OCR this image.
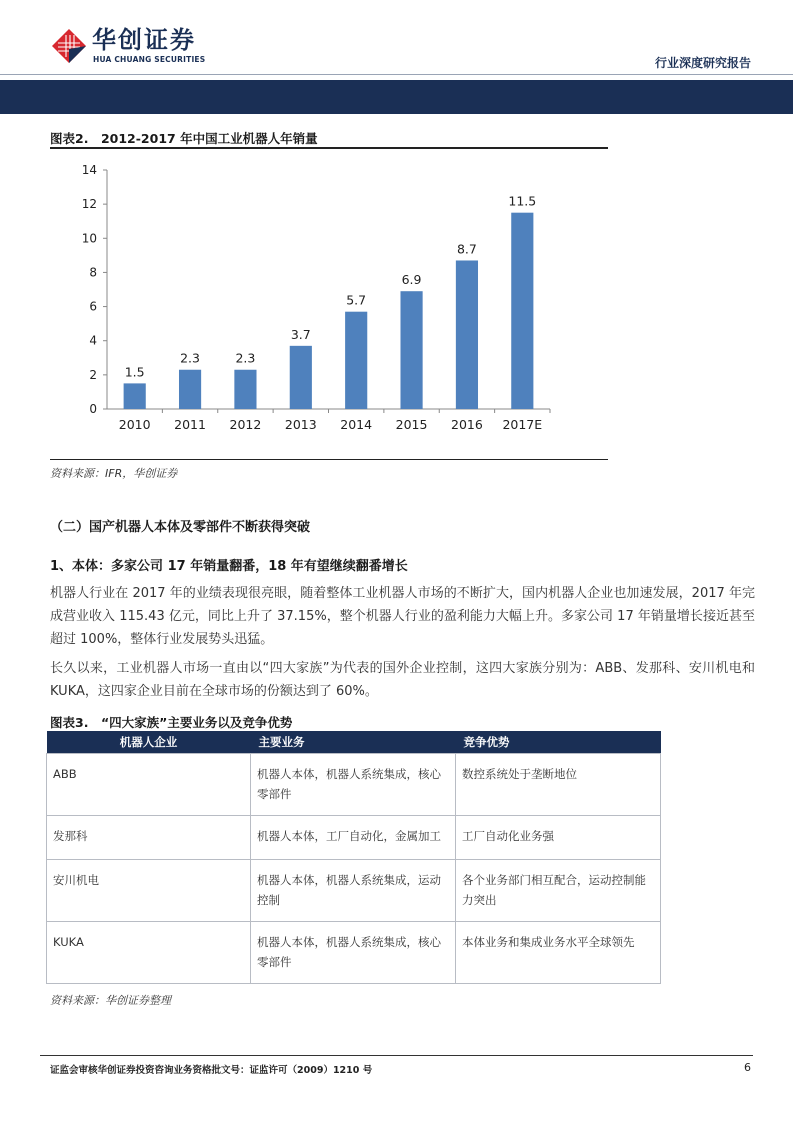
华创证券
HUA CHUANG SECURITIES	行业深度研究报告
图表2.　2012-2017 年中国工业机器人年销量
1.5
2.3	2.3
3.7
5.7
6.9
8.7
11.5
2010 2011 2012 2013 2014 2015 2016 2017E
0
2
4
6
8
10
12
14
资料来源：IFR，华创证券
（二）国产机器人本体及零部件不断获得突破
1、本体：多家公司 17 年销量翻番，18 年有望继续翻番增长
机器人行业在 2017 年的业绩表现很亮眼，随着整体工业机器人市场的不断扩大，国内机器人企业也加速发展，2017 年完成营业收入 115.43 亿元，同比上升了 37.15%，整个机器人行业的盈利能力大幅上升。多家公司 17 年销量增长接近甚至超过 100%，整体行业发展势头迅猛。
长久以来，工业机器人市场一直由以“四大家族”为代表的国外企业控制，这四大家族分别为：ABB、发那科、安川机电和 KUKA，这四家企业目前在全球市场的份额达到了 60%。
图表3.　“四大家族”主要业务以及竞争优势
机器人企业	主要业务	竞争优势
ABB	机器人本体，机器人系统集成，核心零部件	数控系统处于垄断地位
发那科	机器人本体，工厂自动化，金属加工	工厂自动化业务强
安川机电	机器人本体，机器人系统集成，运动控制	各个业务部门相互配合，运动控制能力突出
KUKA	机器人本体，机器人系统集成，核心零部件	本体业务和集成业务水平全球领先
资料来源：华创证券整理
证监会审核华创证券投资咨询业务资格批文号：证监许可（2009）1210 号	6
